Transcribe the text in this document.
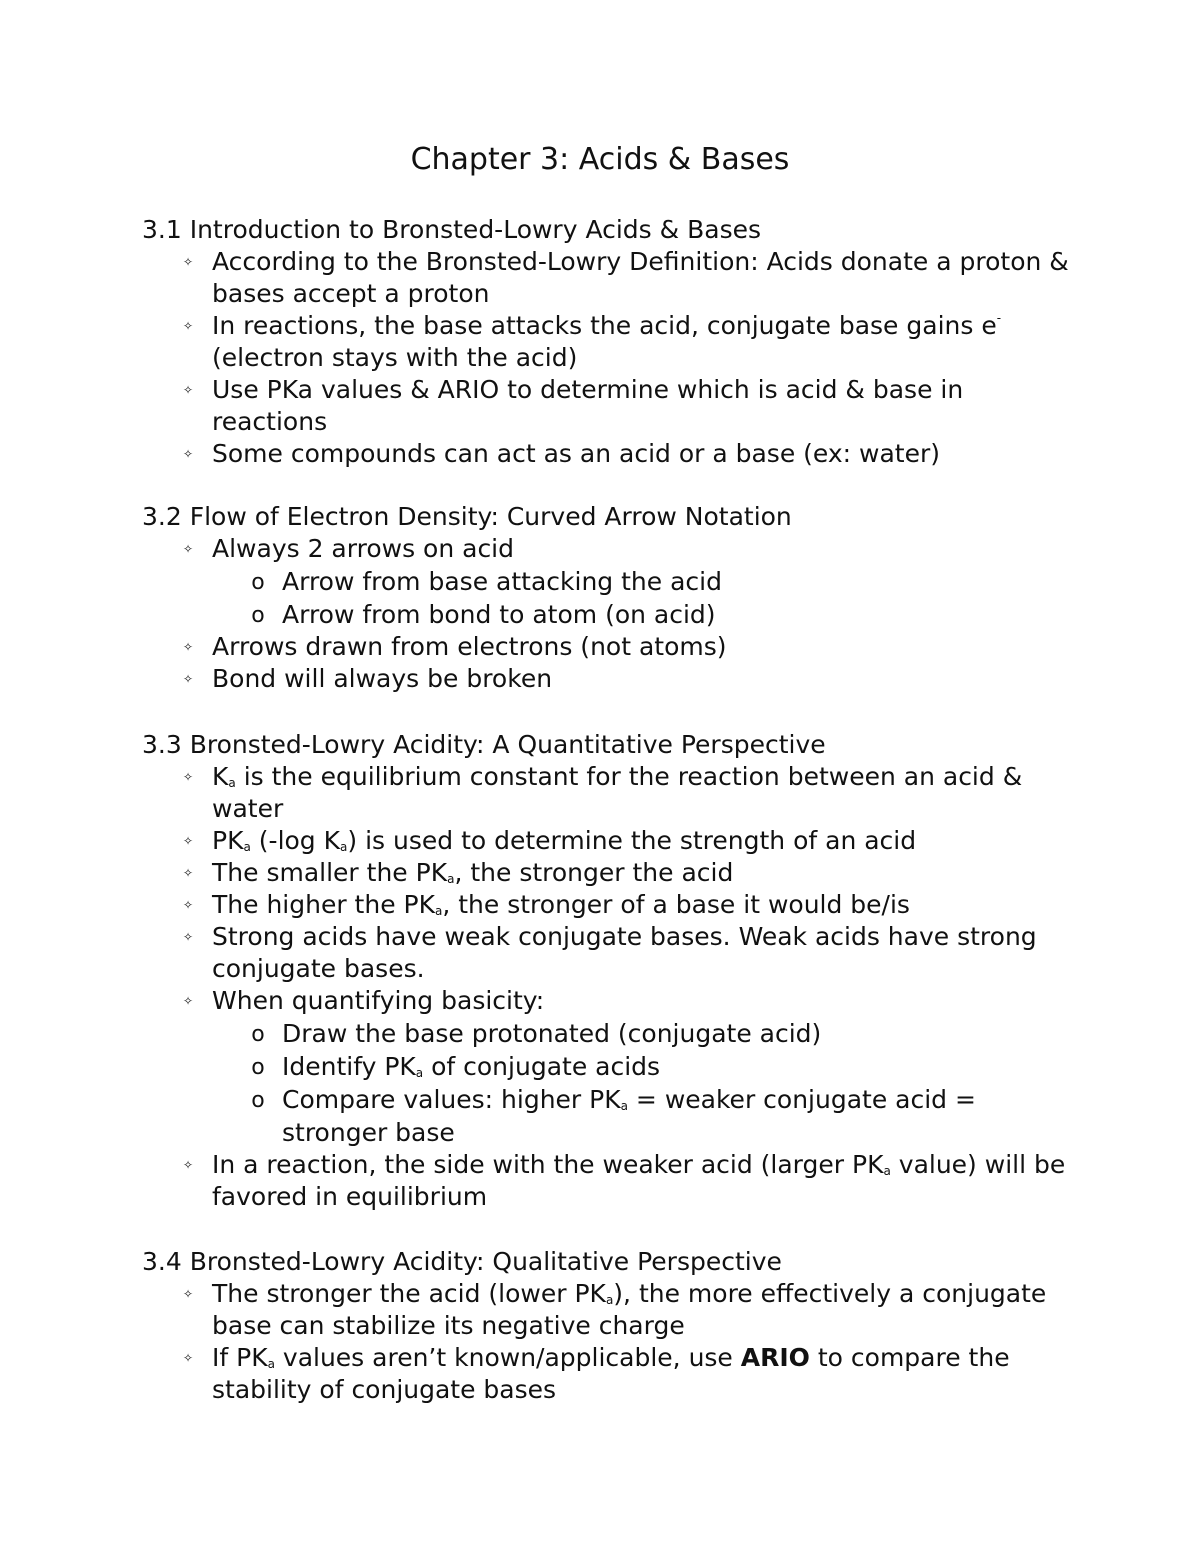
Chapter 3: Acids & Bases

3.1 Introduction to Bronsted-Lowry Acids & Bases

✧ According to the Bronsted-Lowry Definition: Acids donate a proton & bases accept a proton
✧ In reactions, the base attacks the acid, conjugate base gains e- (electron stays with the acid)
✧ Use PKa values & ARIO to determine which is acid & base in reactions
✧ Some compounds can act as an acid or a base (ex: water)

3.2 Flow of Electron Density: Curved Arrow Notation

✧ Always 2 arrows on acid
o Arrow from base attacking the acid
o Arrow from bond to atom (on acid)
✧ Arrows drawn from electrons (not atoms)
✧ Bond will always be broken

3.3 Bronsted-Lowry Acidity: A Quantitative Perspective

✧ $K_a$ is the equilibrium constant for the reaction between an acid & water
✧ $PK_a$ (-log $K_a$) is used to determine the strength of an acid
✧ The smaller the $PK_a$, the stronger the acid
✧ The higher the $PK_a$, the stronger of a base it would be/is
✧ Strong acids have weak conjugate bases. Weak acids have strong conjugate bases.
✧ When quantifying basicity:
o Draw the base protonated (conjugate acid)
o Identify $PK_a$ of conjugate acids
o Compare values: higher $PK_a$ = weaker conjugate acid = stronger base
✧ In a reaction, the side with the weaker acid (larger $PK_a$ value) will be favored in equilibrium

3.4 Bronsted-Lowry Acidity: Qualitative Perspective

✧ The stronger the acid (lower $PK_a$), the more effectively a conjugate base can stabilize its negative charge
✧ If $PK_a$ values aren’t known/applicable, use ARIO to compare the stability of conjugate bases
